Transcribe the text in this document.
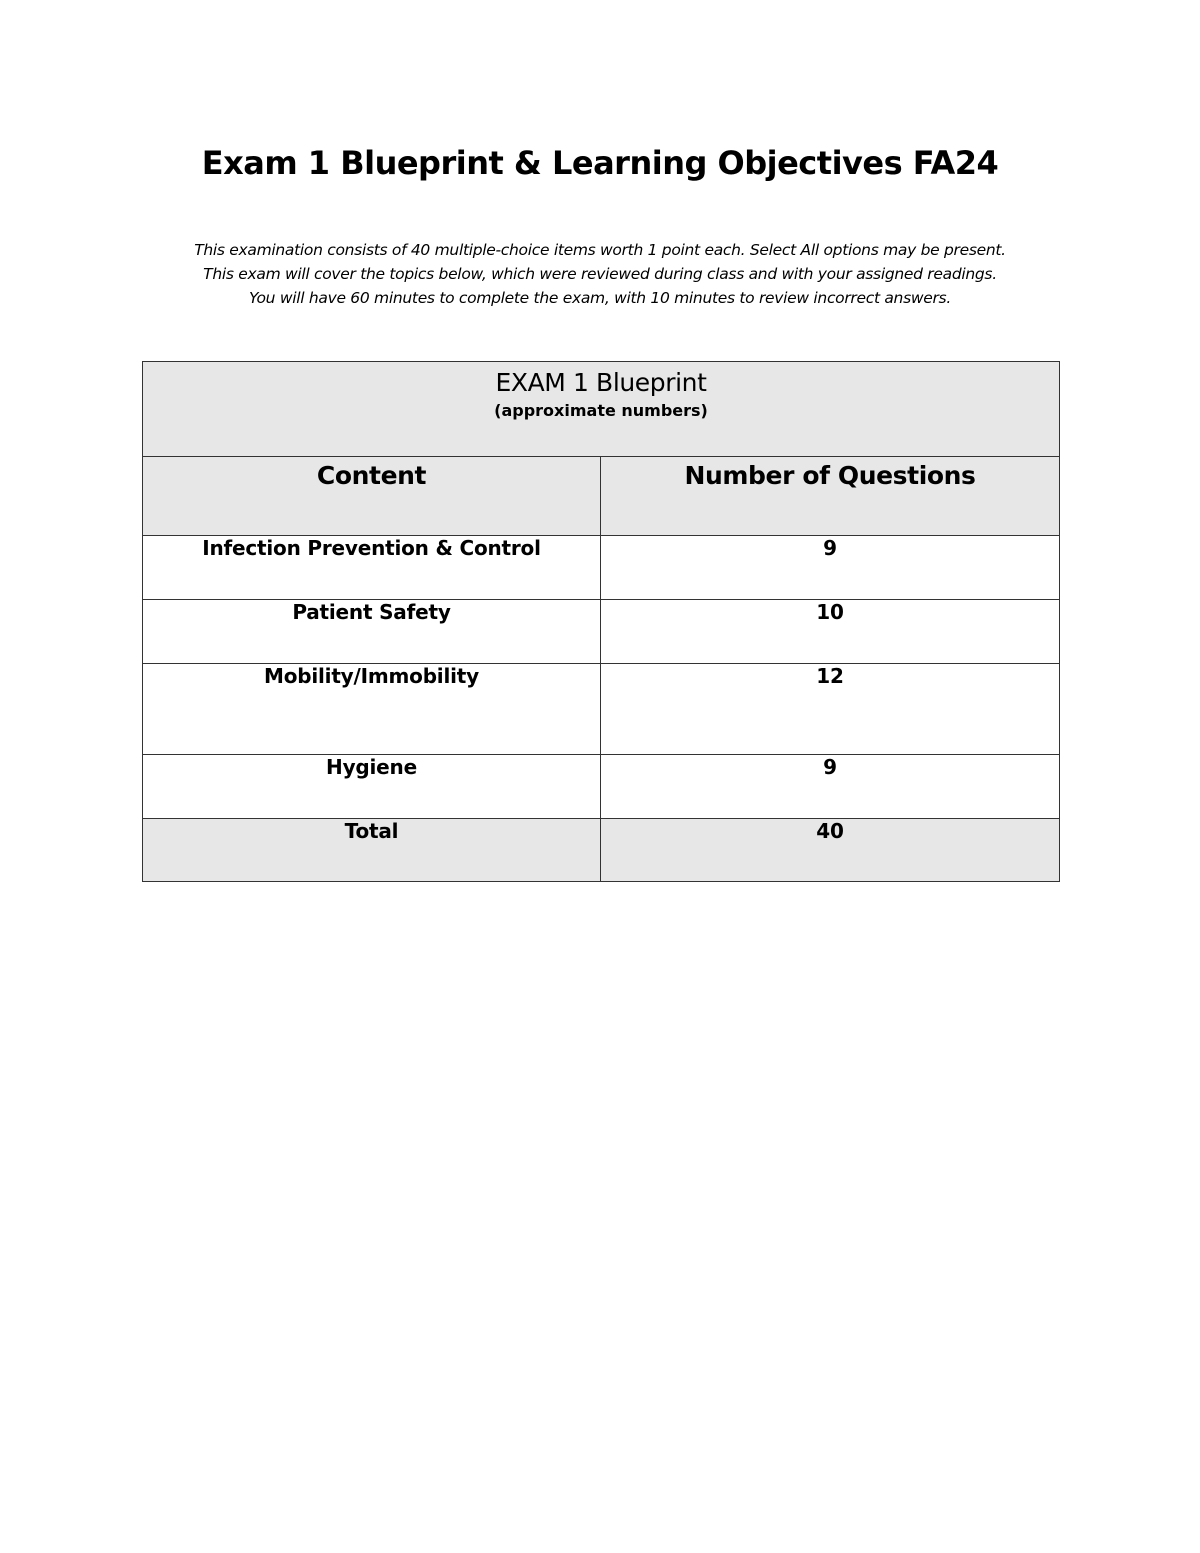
Exam 1 Blueprint & Learning Objectives FA24
This examination consists of 40 multiple-choice items worth 1 point each. Select All options may be present.
This exam will cover the topics below, which were reviewed during class and with your assigned readings.
You will have 60 minutes to complete the exam, with 10 minutes to review incorrect answers.
EXAM 1 Blueprint
(approximate numbers)	

Content	Number of Questions

Infection Prevention & Control	9
Patient Safety	10
Mobility/Immobility	12
Hygiene	9
Total	40
